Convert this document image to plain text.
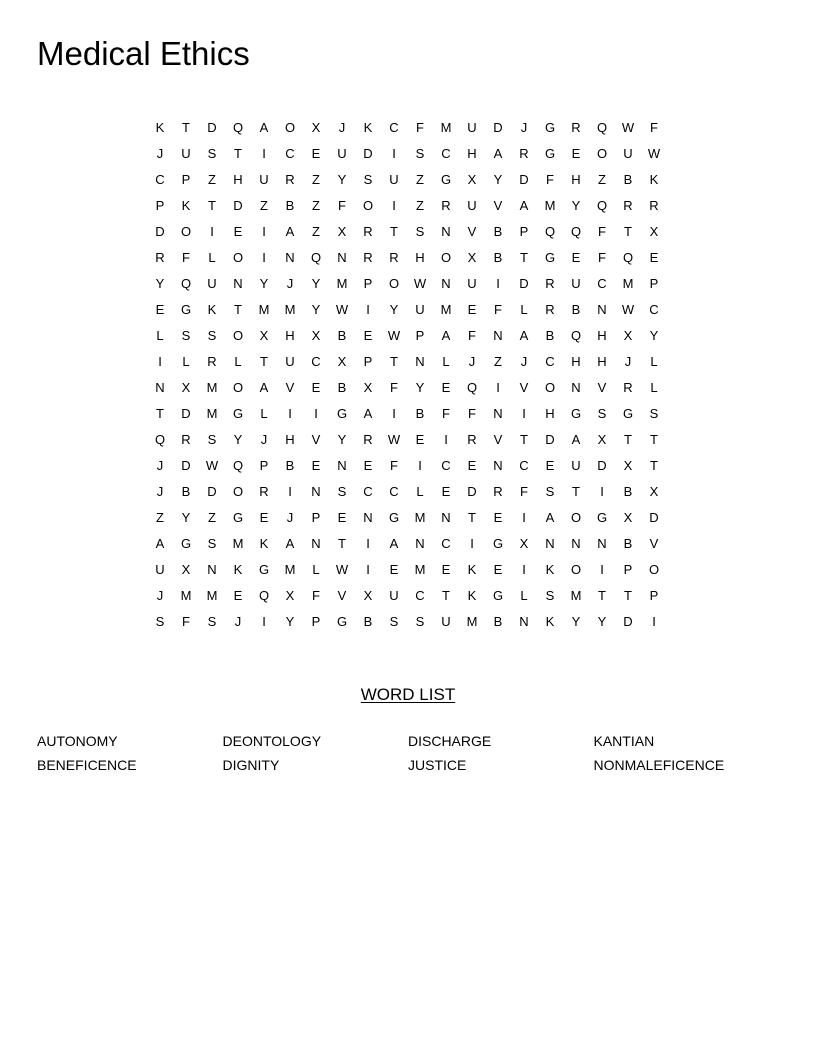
Medical Ethics
K	T	D	Q	A	O	X	J	K	C	F	M	U	D	J	G	R	Q	W	F
J	U	S	T	I	C	E	U	D	I	S	C	H	A	R	G	E	O	U	W
C	P	Z	H	U	R	Z	Y	S	U	Z	G	X	Y	D	F	H	Z	B	K
P	K	T	D	Z	B	Z	F	O	I	Z	R	U	V	A	M	Y	Q	R	R
D	O	I	E	I	A	Z	X	R	T	S	N	V	B	P	Q	Q	F	T	X
R	F	L	O	I	N	Q	N	R	R	H	O	X	B	T	G	E	F	Q	E
Y	Q	U	N	Y	J	Y	M	P	O	W	N	U	I	D	R	U	C	M	P
E	G	K	T	M	M	Y	W	I	Y	U	M	E	F	L	R	B	N	W	C
L	S	S	O	X	H	X	B	E	W	P	A	F	N	A	B	Q	H	X	Y
I	L	R	L	T	U	C	X	P	T	N	L	J	Z	J	C	H	H	J	L
N	X	M	O	A	V	E	B	X	F	Y	E	Q	I	V	O	N	V	R	L
T	D	M	G	L	I	I	G	A	I	B	F	F	N	I	H	G	S	G	S
Q	R	S	Y	J	H	V	Y	R	W	E	I	R	V	T	D	A	X	T	T
J	D	W	Q	P	B	E	N	E	F	I	C	E	N	C	E	U	D	X	T
J	B	D	O	R	I	N	S	C	C	L	E	D	R	F	S	T	I	B	X
Z	Y	Z	G	E	J	P	E	N	G	M	N	T	E	I	A	O	G	X	D
A	G	S	M	K	A	N	T	I	A	N	C	I	G	X	N	N	N	B	V
U	X	N	K	G	M	L	W	I	E	M	E	K	E	I	K	O	I	P	O
J	M	M	E	Q	X	F	V	X	U	C	T	K	G	L	S	M	T	T	P
S	F	S	J	I	Y	P	G	B	S	S	U	M	B	N	K	Y	Y	D	I
WORD LIST
AUTONOMY	DEONTOLOGY	DISCHARGE	KANTIAN
BENEFICENCE	DIGNITY	JUSTICE	NONMALEFICENCE
